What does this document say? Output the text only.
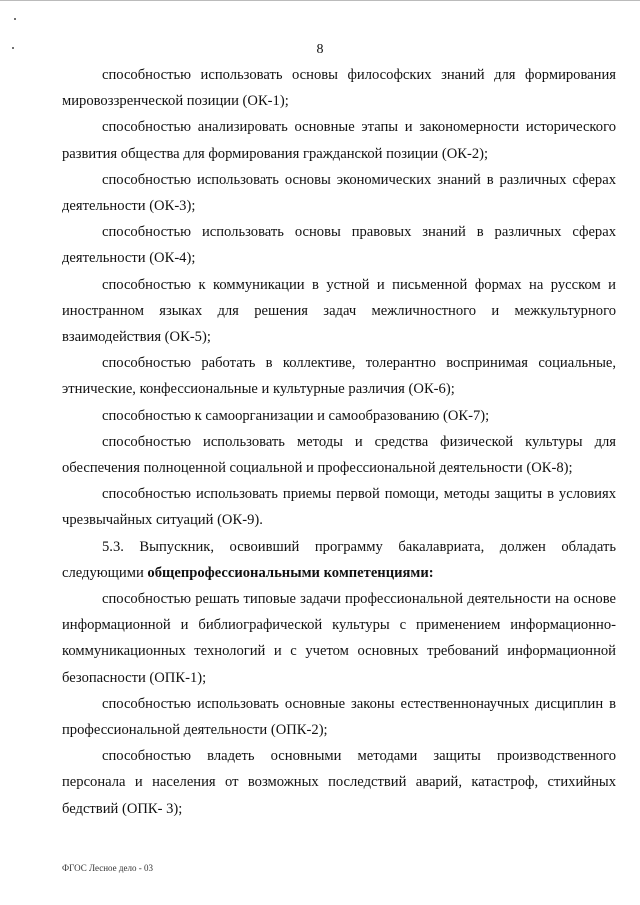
8

способностью использовать основы философских знаний для формирования мировоззренческой позиции (ОК-1);

способностью анализировать основные этапы и закономерности исторического развития общества для формирования гражданской позиции (ОК-2);

способностью использовать основы экономических знаний в различных сферах деятельности (ОК-3);

способностью использовать основы правовых знаний в различных сферах деятельности (ОК-4);

способностью к коммуникации в устной и письменной формах на русском и иностранном языках для решения задач межличностного и межкультурного взаимодействия (ОК-5);

способностью работать в коллективе, толерантно воспринимая социальные, этнические, конфессиональные и культурные различия (ОК-6);

способностью к самоорганизации и самообразованию (ОК-7);

способностью использовать методы и средства физической культуры для обеспечения полноценной социальной и профессиональной деятельности (ОК-8);

способностью использовать приемы первой помощи, методы защиты в условиях чрезвычайных ситуаций (ОК-9).

5.3. Выпускник, освоивший программу бакалавриата, должен обладать следующими общепрофессиональными компетенциями:

способностью решать типовые задачи профессиональной деятельности на основе информационной и библиографической культуры с применением информационно-коммуникационных технологий и с учетом основных требований информационной безопасности (ОПК-1);

способностью использовать основные законы естественнонаучных дисциплин в профессиональной деятельности (ОПК-2);

способностью владеть основными методами защиты производственного персонала и населения от возможных последствий аварий, катастроф, стихийных бедствий (ОПК- 3);

ФГОС Лесное дело - 03
